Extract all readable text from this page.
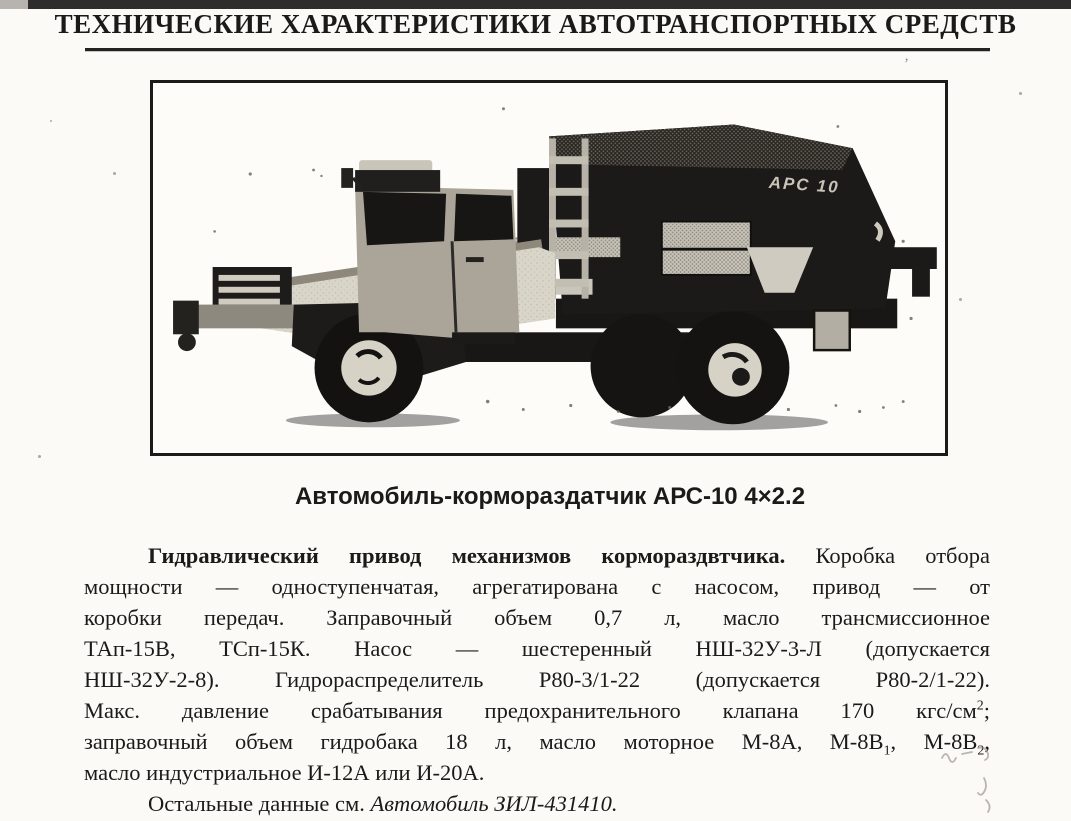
ТЕХНИЧЕСКИЕ ХАРАКТЕРИСТИКИ АВТОТРАНСПОРТНЫХ СРЕДСТВ
АРС 10
Автомобиль-кормораздатчик АРС-10 4×2.2
Гидравлический привод механизмов кормораздвтчика. Коробка отбора
мощности — одноступенчатая, агрегатирована с насосом, привод — от
коробки передач. Заправочный объем 0,7 л, масло трансмиссионное
ТАп-15В, ТСп-15К. Насос — шестеренный НШ-32У-3-Л (допускается
НШ-32У-2-8). Гидрораспределитель Р80-3/1-22 (допускается Р80-2/1-22).
Макс. давление срабатывания предохранительного клапана 170 кгс/$см^2$;
заправочный объем гидробака 18 л, масло моторное М-8А, $М-8В_1$, $М-8В_2$,
масло индустриальное И-12А или И-20А.
Остальные данные см. Автомобиль ЗИЛ-431410.
’
